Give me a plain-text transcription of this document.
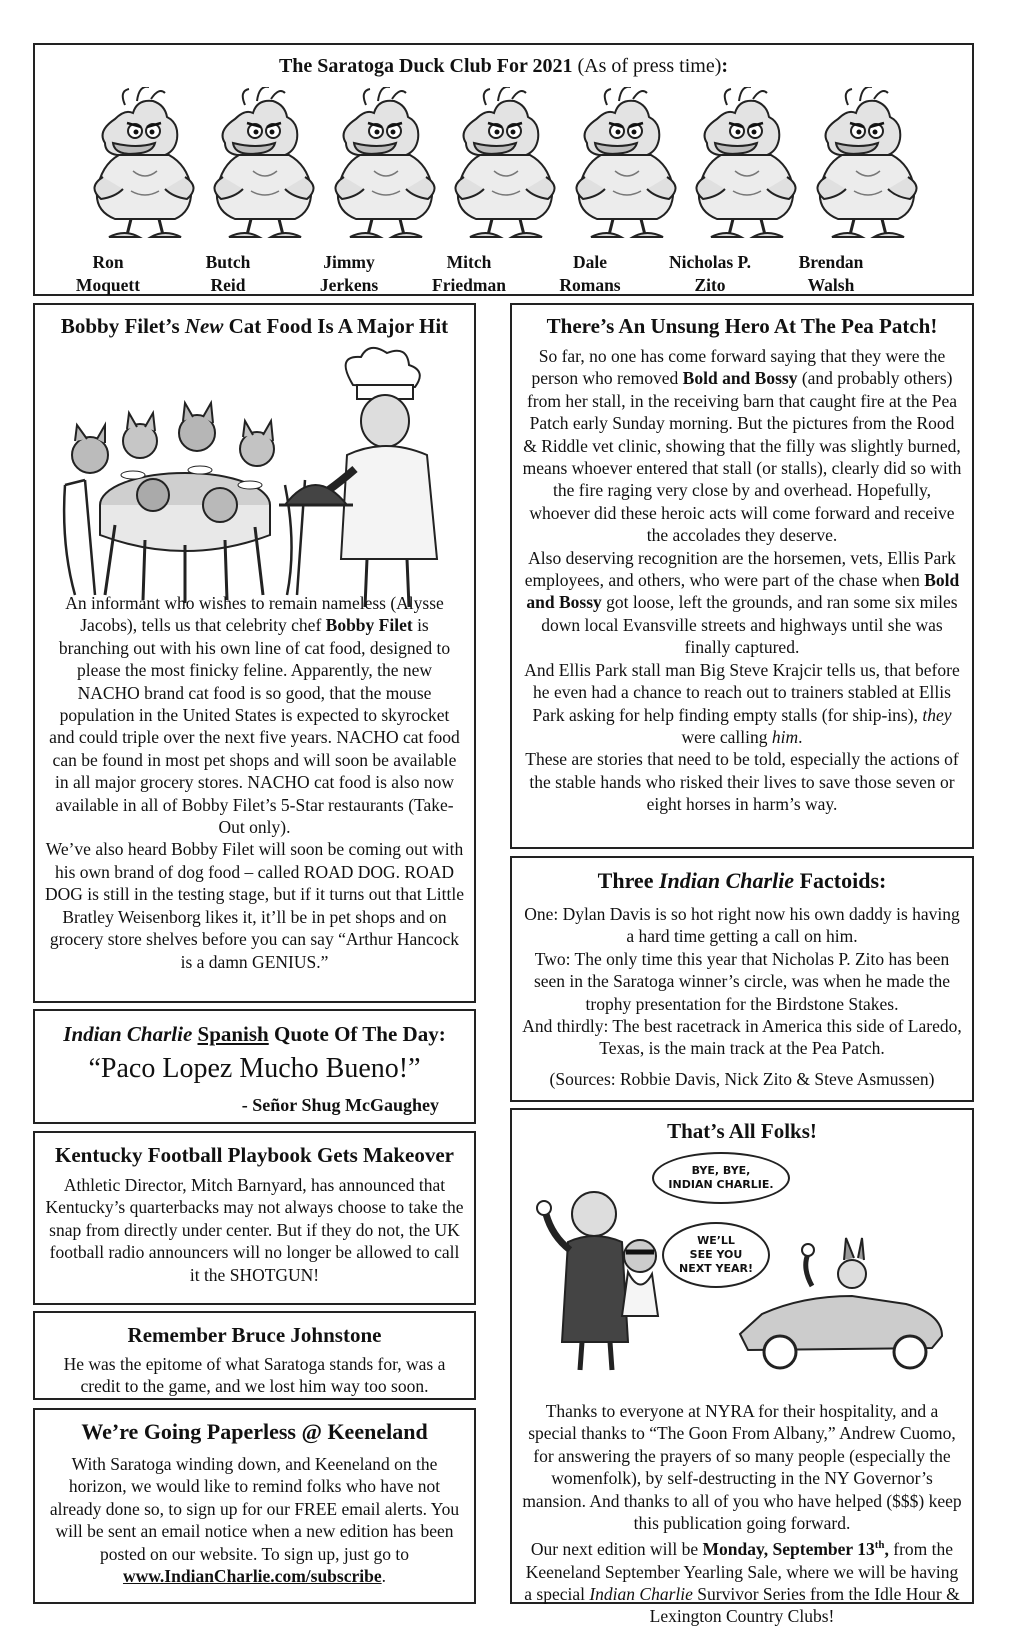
The Saratoga Duck Club For 2021 (As of press time):
Ron
Moquett
Butch
Reid
Jimmy
Jerkens
Mitch
Friedman
Dale
Romans
Nicholas P.
Zito
Brendan
Walsh
Bobby Filet’s New Cat Food Is A Major Hit
An informant who wishes to remain nameless (Alysse Jacobs), tells us that celebrity chef Bobby Filet is branching out with his own line of cat food, designed to please the most finicky feline. Apparently, the new NACHO brand cat food is so good, that the mouse population in the United States is expected to skyrocket and could triple over the next five years. NACHO cat food can be found in most pet shops and will soon be available in all major grocery stores. NACHO cat food is also now available in all of Bobby Filet’s 5-Star restaurants (Take-Out only).
We’ve also heard Bobby Filet will soon be coming out with his own brand of dog food – called ROAD DOG. ROAD DOG is still in the testing stage, but if it turns out that Little Bratley Weisenborg likes it, it’ll be in pet shops and on grocery store shelves before you can say “Arthur Hancock is a damn GENIUS.”
Indian Charlie Spanish Quote Of The Day:
“Paco Lopez Mucho Bueno!”
- Señor Shug McGaughey
Kentucky Football Playbook Gets Makeover
Athletic Director, Mitch Barnyard, has announced that Kentucky’s quarterbacks may not always choose to take the snap from directly under center. But if they do not, the UK football radio announcers will no longer be allowed to call it the SHOTGUN!
Remember Bruce Johnstone
He was the epitome of what Saratoga stands for, was a credit to the game, and we lost him way too soon.
We’re Going Paperless @ Keeneland
With Saratoga winding down, and Keeneland on the horizon, we would like to remind folks who have not already done so, to sign up for our FREE email alerts. You will be sent an email notice when a new edition has been posted on our website. To sign up, just go to www.IndianCharlie.com/subscribe.
There’s An Unsung Hero At The Pea Patch!
So far, no one has come forward saying that they were the person who removed Bold and Bossy (and probably others) from her stall, in the receiving barn that caught fire at the Pea Patch early Sunday morning. But the pictures from the Rood & Riddle vet clinic, showing that the filly was slightly burned, means whoever entered that stall (or stalls), clearly did so with the fire raging very close by and overhead. Hopefully, whoever did these heroic acts will come forward and receive the accolades they deserve.
Also deserving recognition are the horsemen, vets, Ellis Park employees, and others, who were part of the chase when Bold and Bossy got loose, left the grounds, and ran some six miles down local Evansville streets and highways until she was finally captured.
And Ellis Park stall man Big Steve Krajcir tells us, that before he even had a chance to reach out to trainers stabled at Ellis Park asking for help finding empty stalls (for ship-ins), they were calling him.
These are stories that need to be told, especially the actions of the stable hands who risked their lives to save those seven or eight horses in harm’s way.
Three Indian Charlie Factoids:
One: Dylan Davis is so hot right now his own daddy is having a hard time getting a call on him.
Two: The only time this year that Nicholas P. Zito has been seen in the Saratoga winner’s circle, was when he made the trophy presentation for the Birdstone Stakes.
And thirdly: The best racetrack in America this side of Laredo, Texas, is the main track at the Pea Patch.
(Sources: Robbie Davis, Nick Zito & Steve Asmussen)
That’s All Folks!
BYE, BYE,
INDIAN CHARLIE.
WE’LL
SEE YOU
NEXT YEAR!
Thanks to everyone at NYRA for their hospitality, and a special thanks to “The Goon From Albany,” Andrew Cuomo, for answering the prayers of so many people (especially the womenfolk), by self-destructing in the NY Governor’s mansion. And thanks to all of you who have helped ($$$) keep this publication going forward.
Our next edition will be Monday, September 13th, from the Keeneland September Yearling Sale, where we will be having a special Indian Charlie Survivor Series from the Idle Hour & Lexington Country Clubs!
